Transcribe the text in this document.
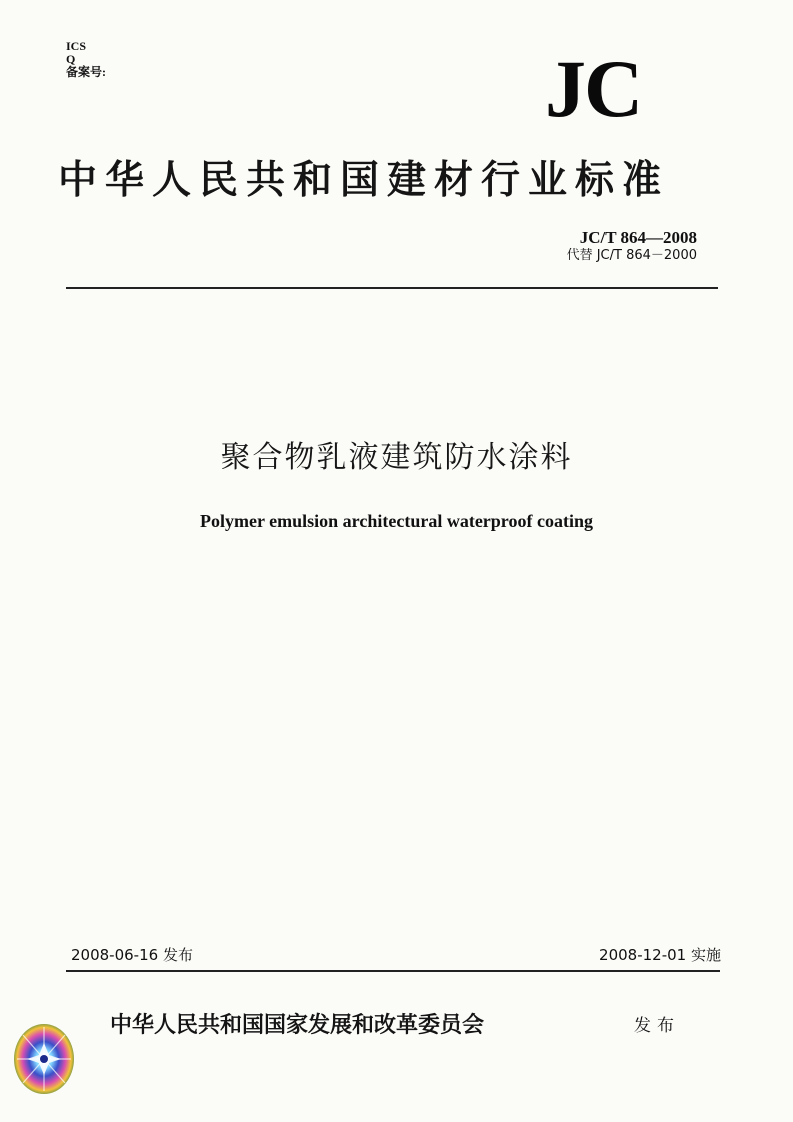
ICS
Q
备案号:	JC
中华人民共和国建材行业标准
JC/T 864—2008
代替 JC/T 864－2000
聚合物乳液建筑防水涂料
Polymer emulsion architectural waterproof coating
2008-06-16 发布	2008-12-01 实施
中华人民共和国国家发展和改革委员会	发布
